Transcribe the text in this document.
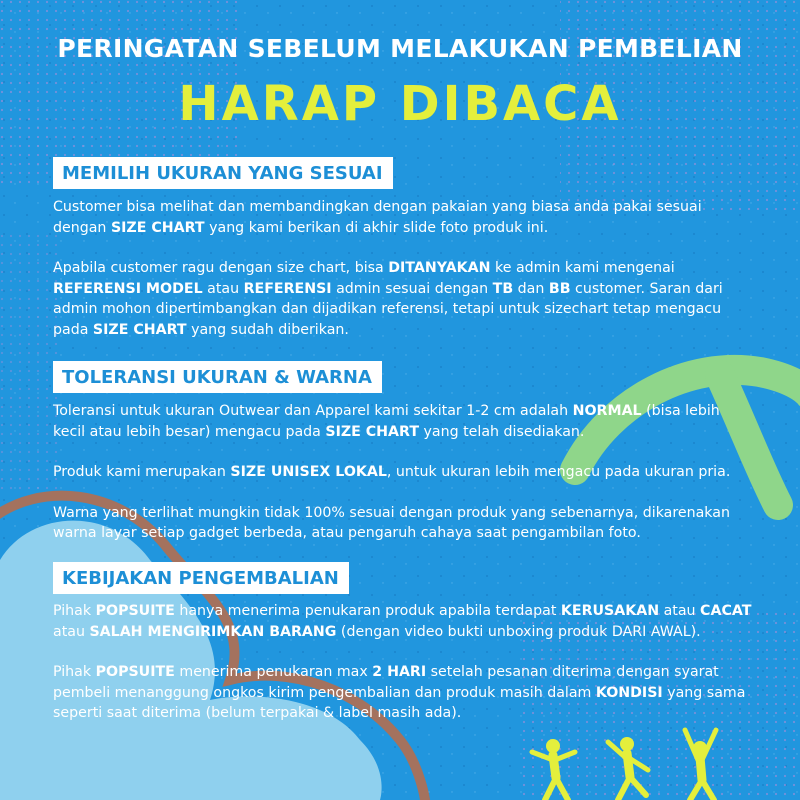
PERINGATAN SEBELUM MELAKUKAN PEMBELIAN
HARAP DIBACA
MEMILIH UKURAN YANG SESUAI

Customer bisa melihat dan membandingkan dengan pakaian yang biasa anda pakai sesuai dengan SIZE CHART yang kami berikan di akhir slide foto produk ini.

Apabila customer ragu dengan size chart, bisa DITANYAKAN ke admin kami mengenai REFERENSI MODEL atau REFERENSI admin sesuai dengan TB dan BB customer. Saran dari admin mohon dipertimbangkan dan dijadikan referensi, tetapi untuk sizechart tetap mengacu pada SIZE CHART yang sudah diberikan.

TOLERANSI UKURAN & WARNA

Toleransi untuk ukuran Outwear dan Apparel kami sekitar 1-2 cm adalah NORMAL (bisa lebih kecil atau lebih besar) mengacu pada SIZE CHART yang telah disediakan.

Produk kami merupakan SIZE UNISEX LOKAL, untuk ukuran lebih mengacu pada ukuran pria.

Warna yang terlihat mungkin tidak 100% sesuai dengan produk yang sebenarnya, dikarenakan warna layar setiap gadget berbeda, atau pengaruh cahaya saat pengambilan foto.

KEBIJAKAN PENGEMBALIAN

Pihak POPSUITE hanya menerima penukaran produk apabila terdapat KERUSAKAN atau CACAT atau SALAH MENGIRIMKAN BARANG (dengan video bukti unboxing produk DARI AWAL).

Pihak POPSUITE menerima penukaran max 2 HARI setelah pesanan diterima dengan syarat pembeli menanggung ongkos kirim pengembalian dan produk masih dalam KONDISI yang sama seperti saat diterima (belum terpakai & label masih ada).
